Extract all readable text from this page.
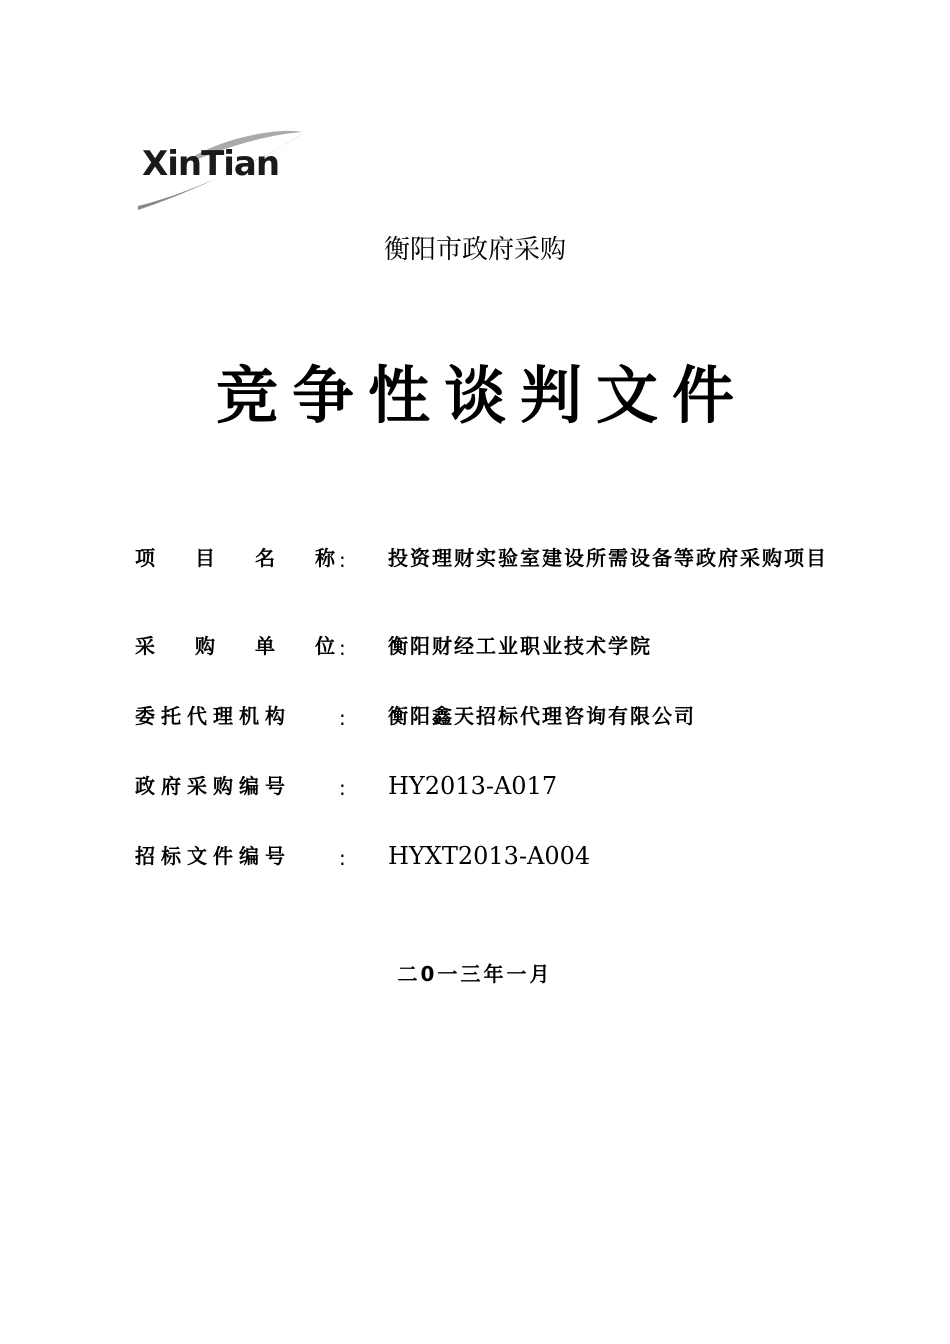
XinTian
衡阳市政府采购
竞争性谈判文件
项 目 名 称 : 投资理财实验室建设所需设备等政府采购项目
采 购 单 位 : 衡阳财经工业职业技术学院
委托代理机构	: 衡阳鑫天招标代理咨询有限公司
政府采购编号	: HY2013-A017
招标文件编号	: HYXT2013-A004
二0一三年一月
